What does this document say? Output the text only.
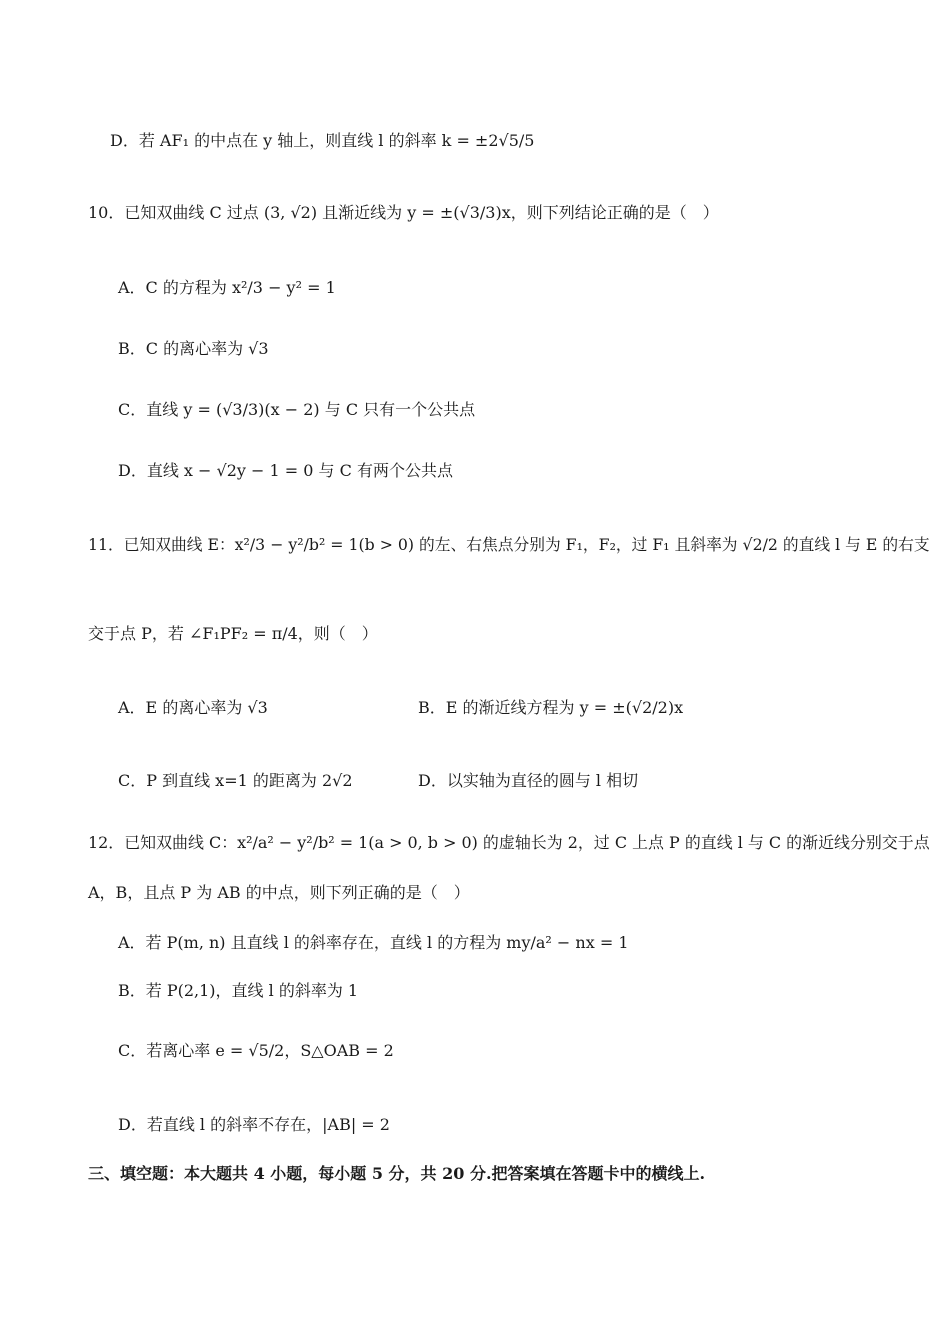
D．若 AF₁ 的中点在 y 轴上，则直线 l 的斜率 k = ±2√5/5
10．已知双曲线 C 过点 (3, √2) 且渐近线为 y = ±(√3/3)x，则下列结论正确的是（　）
A．C 的方程为 x²/3 − y² = 1
B．C 的离心率为 √3
C．直线 y = (√3/3)(x − 2) 与 C 只有一个公共点
D．直线 x − √2y − 1 = 0 与 C 有两个公共点
11．已知双曲线 E：x²/3 − y²/b² = 1(b > 0) 的左、右焦点分别为 F₁，F₂，过 F₁ 且斜率为 √2/2 的直线 l 与 E 的右支
交于点 P，若 ∠F₁PF₂ = π/4，则（　）
A．E 的离心率为 √3	B．E 的渐近线方程为 y = ±(√2/2)x
C．P 到直线 x=1 的距离为 2√2	D．以实轴为直径的圆与 l 相切
12．已知双曲线 C：x²/a² − y²/b² = 1(a > 0, b > 0) 的虚轴长为 2，过 C 上点 P 的直线 l 与 C 的渐近线分别交于点
A，B，且点 P 为 AB 的中点，则下列正确的是（　）
A．若 P(m, n) 且直线 l 的斜率存在，直线 l 的方程为 my/a² − nx = 1
B．若 P(2,1)，直线 l 的斜率为 1
C．若离心率 e = √5/2，S△OAB = 2
D．若直线 l 的斜率不存在，|AB| = 2
三、填空题：本大题共 4 小题，每小题 5 分，共 20 分.把答案填在答题卡中的横线上.
